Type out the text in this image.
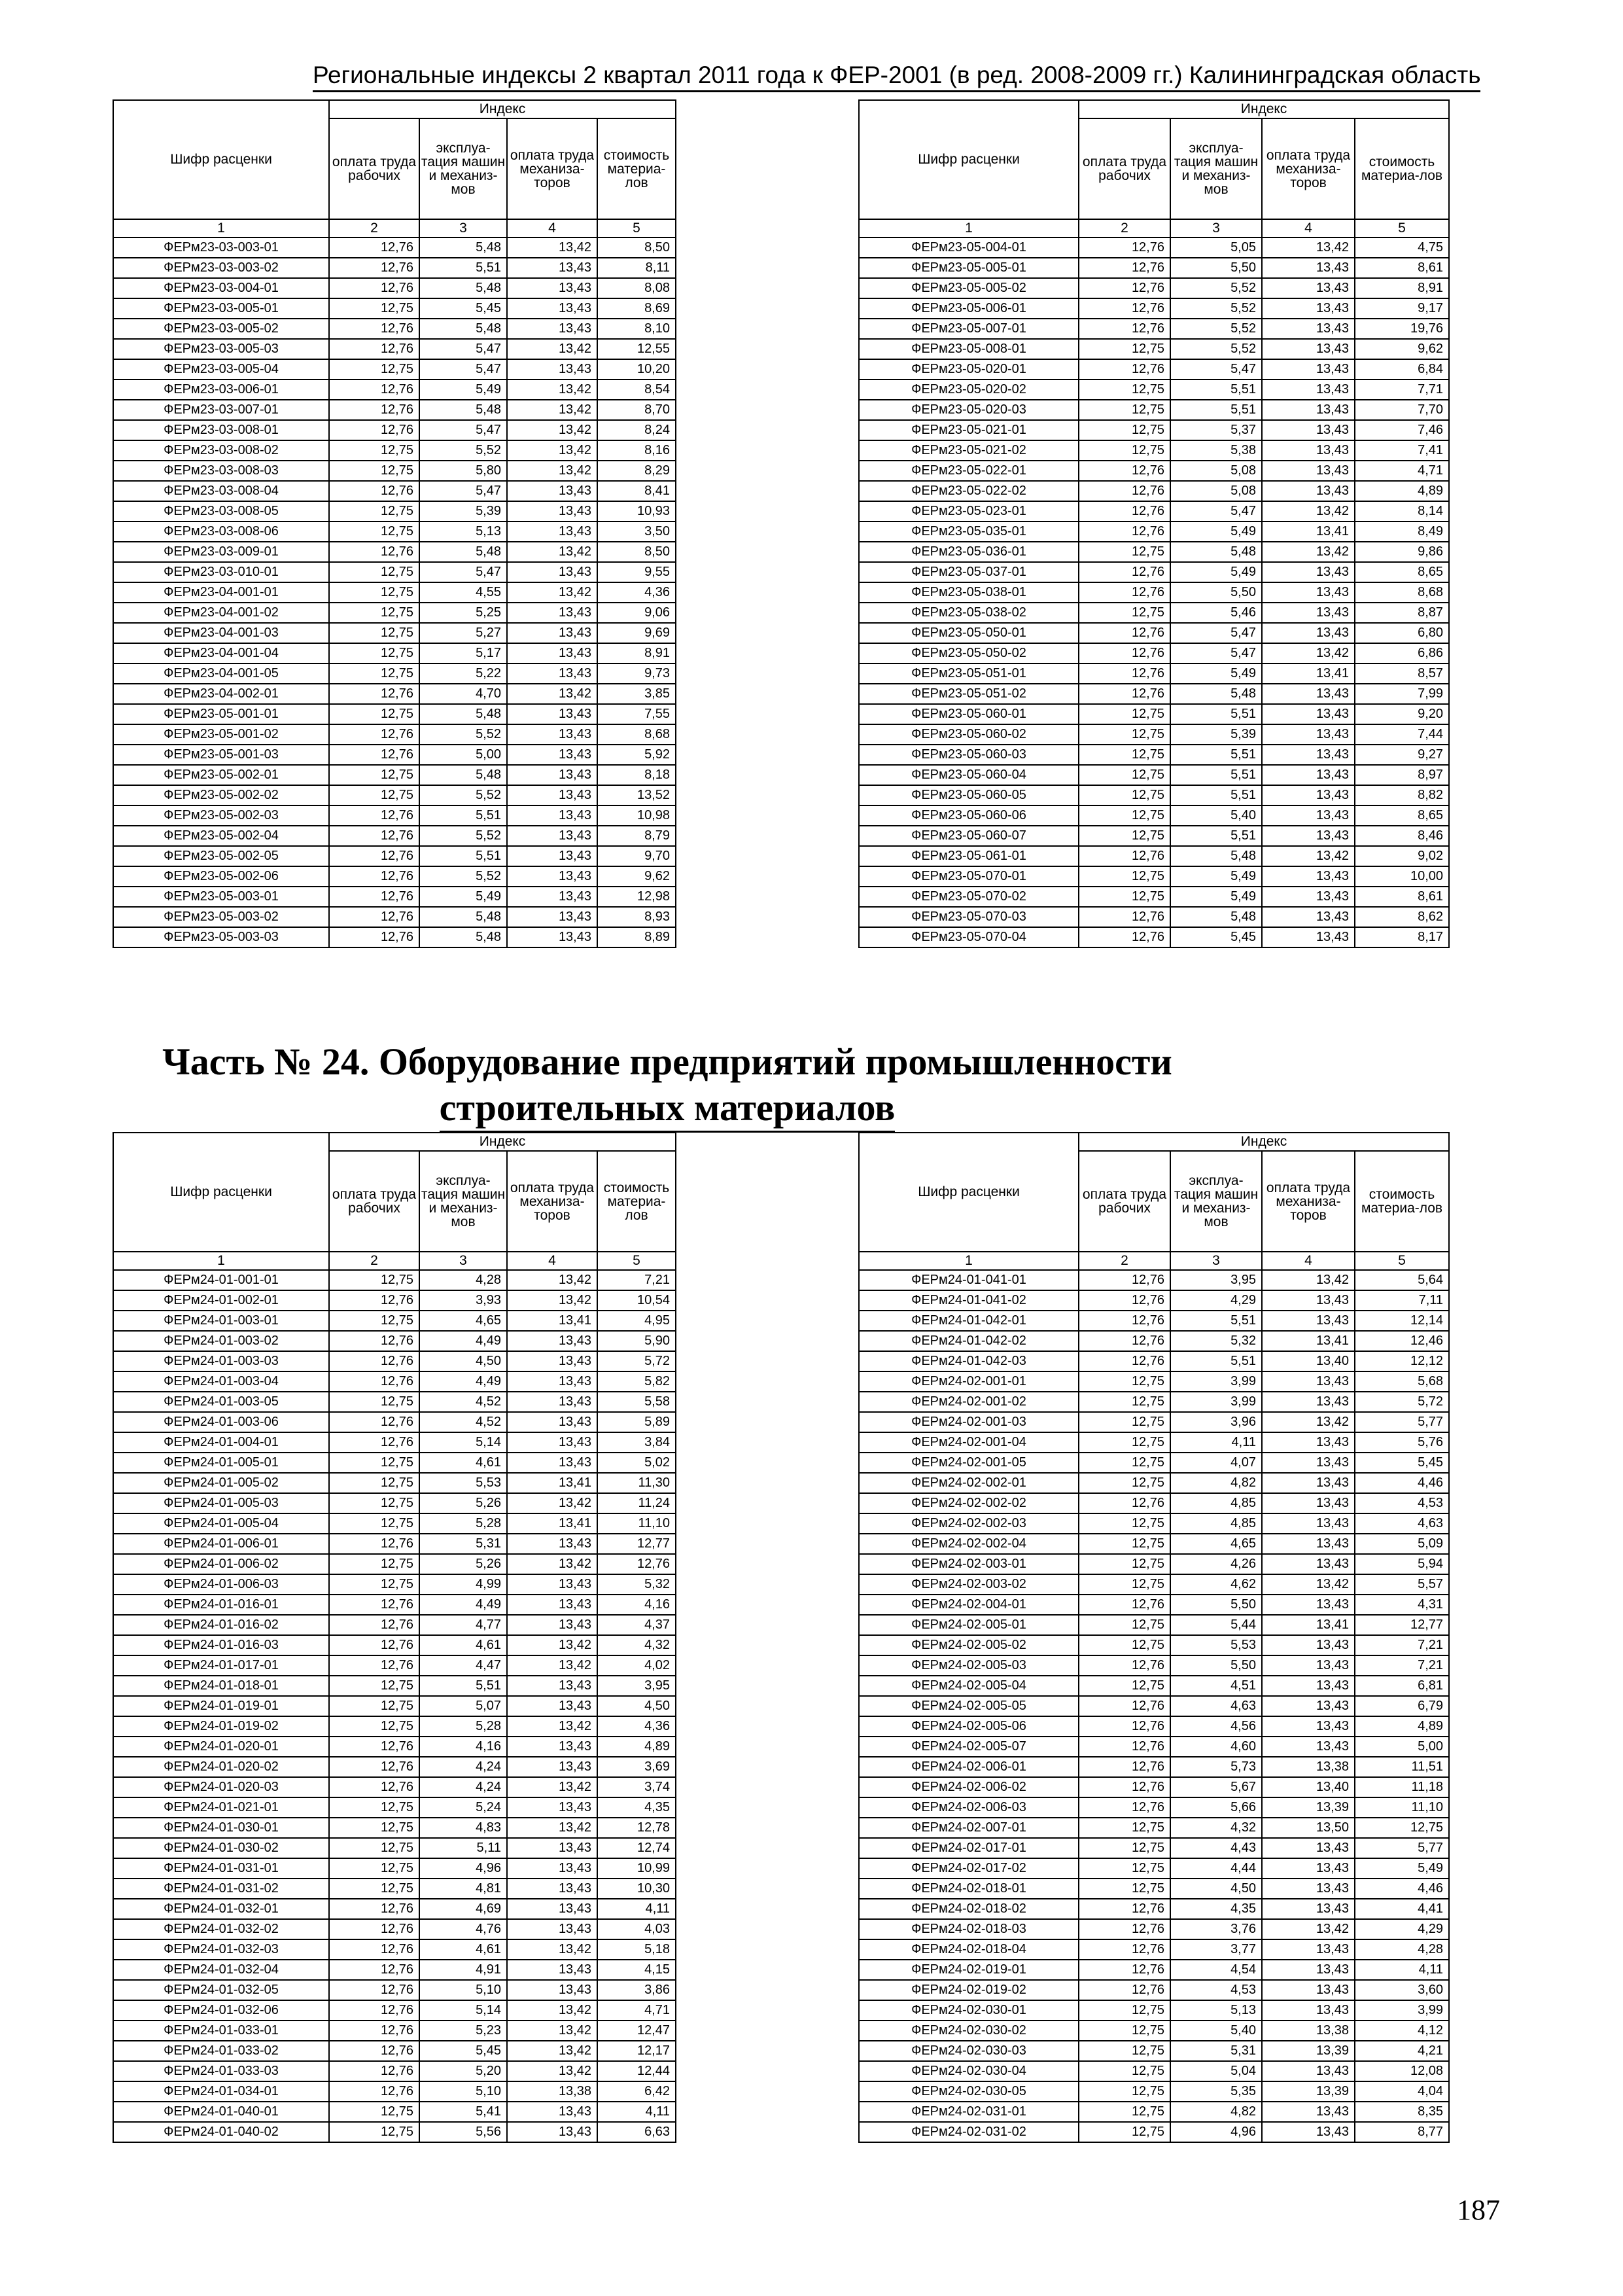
Региональные индексы 2 квартал 2011 года к ФЕР-2001 (в ред. 2008-2009 гг.) Калининградская область
Шифр расценки	Индекс			
	оплата труда рабочих	эксплуа-тация машин и механиз-мов	оплата труда механиза-торов	стоимость материа-лов
1	2	3	4	5
ФЕРм23-03-003-01	12,76	5,48	13,42	8,50
ФЕРм23-03-003-02	12,76	5,51	13,43	8,11
ФЕРм23-03-004-01	12,76	5,48	13,43	8,08
ФЕРм23-03-005-01	12,75	5,45	13,43	8,69
ФЕРм23-03-005-02	12,76	5,48	13,43	8,10
ФЕРм23-03-005-03	12,76	5,47	13,42	12,55
ФЕРм23-03-005-04	12,75	5,47	13,43	10,20
ФЕРм23-03-006-01	12,76	5,49	13,42	8,54
ФЕРм23-03-007-01	12,76	5,48	13,42	8,70
ФЕРм23-03-008-01	12,76	5,47	13,42	8,24
ФЕРм23-03-008-02	12,75	5,52	13,42	8,16
ФЕРм23-03-008-03	12,75	5,80	13,42	8,29
ФЕРм23-03-008-04	12,76	5,47	13,43	8,41
ФЕРм23-03-008-05	12,75	5,39	13,43	10,93
ФЕРм23-03-008-06	12,75	5,13	13,43	3,50
ФЕРм23-03-009-01	12,76	5,48	13,42	8,50
ФЕРм23-03-010-01	12,75	5,47	13,43	9,55
ФЕРм23-04-001-01	12,75	4,55	13,42	4,36
ФЕРм23-04-001-02	12,75	5,25	13,43	9,06
ФЕРм23-04-001-03	12,75	5,27	13,43	9,69
ФЕРм23-04-001-04	12,75	5,17	13,43	8,91
ФЕРм23-04-001-05	12,75	5,22	13,43	9,73
ФЕРм23-04-002-01	12,76	4,70	13,42	3,85
ФЕРм23-05-001-01	12,75	5,48	13,43	7,55
ФЕРм23-05-001-02	12,76	5,52	13,43	8,68
ФЕРм23-05-001-03	12,76	5,00	13,43	5,92
ФЕРм23-05-002-01	12,75	5,48	13,43	8,18
ФЕРм23-05-002-02	12,75	5,52	13,43	13,52
ФЕРм23-05-002-03	12,76	5,51	13,43	10,98
ФЕРм23-05-002-04	12,76	5,52	13,43	8,79
ФЕРм23-05-002-05	12,76	5,51	13,43	9,70
ФЕРм23-05-002-06	12,76	5,52	13,43	9,62
ФЕРм23-05-003-01	12,76	5,49	13,43	12,98
ФЕРм23-05-003-02	12,76	5,48	13,43	8,93
ФЕРм23-05-003-03	12,76	5,48	13,43	8,89
Шифр расценки	Индекс			
	оплата труда рабочих	эксплуа-тация машин и механиз-мов	оплата труда механиза-торов	стоимость материа-лов
1	2	3	4	5
ФЕРм23-05-004-01	12,76	5,05	13,42	4,75
ФЕРм23-05-005-01	12,76	5,50	13,43	8,61
ФЕРм23-05-005-02	12,76	5,52	13,43	8,91
ФЕРм23-05-006-01	12,76	5,52	13,43	9,17
ФЕРм23-05-007-01	12,76	5,52	13,43	19,76
ФЕРм23-05-008-01	12,75	5,52	13,43	9,62
ФЕРм23-05-020-01	12,76	5,47	13,43	6,84
ФЕРм23-05-020-02	12,75	5,51	13,43	7,71
ФЕРм23-05-020-03	12,75	5,51	13,43	7,70
ФЕРм23-05-021-01	12,75	5,37	13,43	7,46
ФЕРм23-05-021-02	12,75	5,38	13,43	7,41
ФЕРм23-05-022-01	12,76	5,08	13,43	4,71
ФЕРм23-05-022-02	12,76	5,08	13,43	4,89
ФЕРм23-05-023-01	12,76	5,47	13,42	8,14
ФЕРм23-05-035-01	12,76	5,49	13,41	8,49
ФЕРм23-05-036-01	12,75	5,48	13,42	9,86
ФЕРм23-05-037-01	12,76	5,49	13,43	8,65
ФЕРм23-05-038-01	12,76	5,50	13,43	8,68
ФЕРм23-05-038-02	12,75	5,46	13,43	8,87
ФЕРм23-05-050-01	12,76	5,47	13,43	6,80
ФЕРм23-05-050-02	12,76	5,47	13,42	6,86
ФЕРм23-05-051-01	12,76	5,49	13,41	8,57
ФЕРм23-05-051-02	12,76	5,48	13,43	7,99
ФЕРм23-05-060-01	12,75	5,51	13,43	9,20
ФЕРм23-05-060-02	12,75	5,39	13,43	7,44
ФЕРм23-05-060-03	12,75	5,51	13,43	9,27
ФЕРм23-05-060-04	12,75	5,51	13,43	8,97
ФЕРм23-05-060-05	12,75	5,51	13,43	8,82
ФЕРм23-05-060-06	12,75	5,40	13,43	8,65
ФЕРм23-05-060-07	12,75	5,51	13,43	8,46
ФЕРм23-05-061-01	12,76	5,48	13,42	9,02
ФЕРм23-05-070-01	12,75	5,49	13,43	10,00
ФЕРм23-05-070-02	12,75	5,49	13,43	8,61
ФЕРм23-05-070-03	12,76	5,48	13,43	8,62
ФЕРм23-05-070-04	12,76	5,45	13,43	8,17
Часть № 24. Оборудование предприятий промышленности
строительных материалов
Шифр расценки	Индекс			
	оплата труда рабочих	эксплуа-тация машин и механиз-мов	оплата труда механиза-торов	стоимость материа-лов
1	2	3	4	5
ФЕРм24-01-001-01	12,75	4,28	13,42	7,21
ФЕРм24-01-002-01	12,76	3,93	13,42	10,54
ФЕРм24-01-003-01	12,75	4,65	13,41	4,95
ФЕРм24-01-003-02	12,76	4,49	13,43	5,90
ФЕРм24-01-003-03	12,76	4,50	13,43	5,72
ФЕРм24-01-003-04	12,76	4,49	13,43	5,82
ФЕРм24-01-003-05	12,75	4,52	13,43	5,58
ФЕРм24-01-003-06	12,76	4,52	13,43	5,89
ФЕРм24-01-004-01	12,76	5,14	13,43	3,84
ФЕРм24-01-005-01	12,75	4,61	13,43	5,02
ФЕРм24-01-005-02	12,75	5,53	13,41	11,30
ФЕРм24-01-005-03	12,75	5,26	13,42	11,24
ФЕРм24-01-005-04	12,75	5,28	13,41	11,10
ФЕРм24-01-006-01	12,76	5,31	13,43	12,77
ФЕРм24-01-006-02	12,75	5,26	13,42	12,76
ФЕРм24-01-006-03	12,75	4,99	13,43	5,32
ФЕРм24-01-016-01	12,76	4,49	13,43	4,16
ФЕРм24-01-016-02	12,76	4,77	13,43	4,37
ФЕРм24-01-016-03	12,76	4,61	13,42	4,32
ФЕРм24-01-017-01	12,76	4,47	13,42	4,02
ФЕРм24-01-018-01	12,75	5,51	13,43	3,95
ФЕРм24-01-019-01	12,75	5,07	13,43	4,50
ФЕРм24-01-019-02	12,75	5,28	13,42	4,36
ФЕРм24-01-020-01	12,76	4,16	13,43	4,89
ФЕРм24-01-020-02	12,76	4,24	13,43	3,69
ФЕРм24-01-020-03	12,76	4,24	13,42	3,74
ФЕРм24-01-021-01	12,75	5,24	13,43	4,35
ФЕРм24-01-030-01	12,75	4,83	13,42	12,78
ФЕРм24-01-030-02	12,75	5,11	13,43	12,74
ФЕРм24-01-031-01	12,75	4,96	13,43	10,99
ФЕРм24-01-031-02	12,75	4,81	13,43	10,30
ФЕРм24-01-032-01	12,76	4,69	13,43	4,11
ФЕРм24-01-032-02	12,76	4,76	13,43	4,03
ФЕРм24-01-032-03	12,76	4,61	13,42	5,18
ФЕРм24-01-032-04	12,76	4,91	13,43	4,15
ФЕРм24-01-032-05	12,76	5,10	13,43	3,86
ФЕРм24-01-032-06	12,76	5,14	13,42	4,71
ФЕРм24-01-033-01	12,76	5,23	13,42	12,47
ФЕРм24-01-033-02	12,76	5,45	13,42	12,17
ФЕРм24-01-033-03	12,76	5,20	13,42	12,44
ФЕРм24-01-034-01	12,76	5,10	13,38	6,42
ФЕРм24-01-040-01	12,75	5,41	13,43	4,11
ФЕРм24-01-040-02	12,75	5,56	13,43	6,63
Шифр расценки	Индекс			
	оплата труда рабочих	эксплуа-тация машин и механиз-мов	оплата труда механиза-торов	стоимость материа-лов
1	2	3	4	5
ФЕРм24-01-041-01	12,76	3,95	13,42	5,64
ФЕРм24-01-041-02	12,76	4,29	13,43	7,11
ФЕРм24-01-042-01	12,76	5,51	13,43	12,14
ФЕРм24-01-042-02	12,76	5,32	13,41	12,46
ФЕРм24-01-042-03	12,76	5,51	13,40	12,12
ФЕРм24-02-001-01	12,75	3,99	13,43	5,68
ФЕРм24-02-001-02	12,75	3,99	13,43	5,72
ФЕРм24-02-001-03	12,75	3,96	13,42	5,77
ФЕРм24-02-001-04	12,75	4,11	13,43	5,76
ФЕРм24-02-001-05	12,75	4,07	13,43	5,45
ФЕРм24-02-002-01	12,75	4,82	13,43	4,46
ФЕРм24-02-002-02	12,76	4,85	13,43	4,53
ФЕРм24-02-002-03	12,75	4,85	13,43	4,63
ФЕРм24-02-002-04	12,75	4,65	13,43	5,09
ФЕРм24-02-003-01	12,75	4,26	13,43	5,94
ФЕРм24-02-003-02	12,75	4,62	13,42	5,57
ФЕРм24-02-004-01	12,76	5,50	13,43	4,31
ФЕРм24-02-005-01	12,75	5,44	13,41	12,77
ФЕРм24-02-005-02	12,75	5,53	13,43	7,21
ФЕРм24-02-005-03	12,76	5,50	13,43	7,21
ФЕРм24-02-005-04	12,75	4,51	13,43	6,81
ФЕРм24-02-005-05	12,76	4,63	13,43	6,79
ФЕРм24-02-005-06	12,76	4,56	13,43	4,89
ФЕРм24-02-005-07	12,76	4,60	13,43	5,00
ФЕРм24-02-006-01	12,76	5,73	13,38	11,51
ФЕРм24-02-006-02	12,76	5,67	13,40	11,18
ФЕРм24-02-006-03	12,76	5,66	13,39	11,10
ФЕРм24-02-007-01	12,75	4,32	13,50	12,75
ФЕРм24-02-017-01	12,75	4,43	13,43	5,77
ФЕРм24-02-017-02	12,75	4,44	13,43	5,49
ФЕРм24-02-018-01	12,75	4,50	13,43	4,46
ФЕРм24-02-018-02	12,76	4,35	13,43	4,41
ФЕРм24-02-018-03	12,76	3,76	13,42	4,29
ФЕРм24-02-018-04	12,76	3,77	13,43	4,28
ФЕРм24-02-019-01	12,76	4,54	13,43	4,11
ФЕРм24-02-019-02	12,76	4,53	13,43	3,60
ФЕРм24-02-030-01	12,75	5,13	13,43	3,99
ФЕРм24-02-030-02	12,75	5,40	13,38	4,12
ФЕРм24-02-030-03	12,75	5,31	13,39	4,21
ФЕРм24-02-030-04	12,75	5,04	13,43	12,08
ФЕРм24-02-030-05	12,75	5,35	13,39	4,04
ФЕРм24-02-031-01	12,75	4,82	13,43	8,35
ФЕРм24-02-031-02	12,75	4,96	13,43	8,77
187
